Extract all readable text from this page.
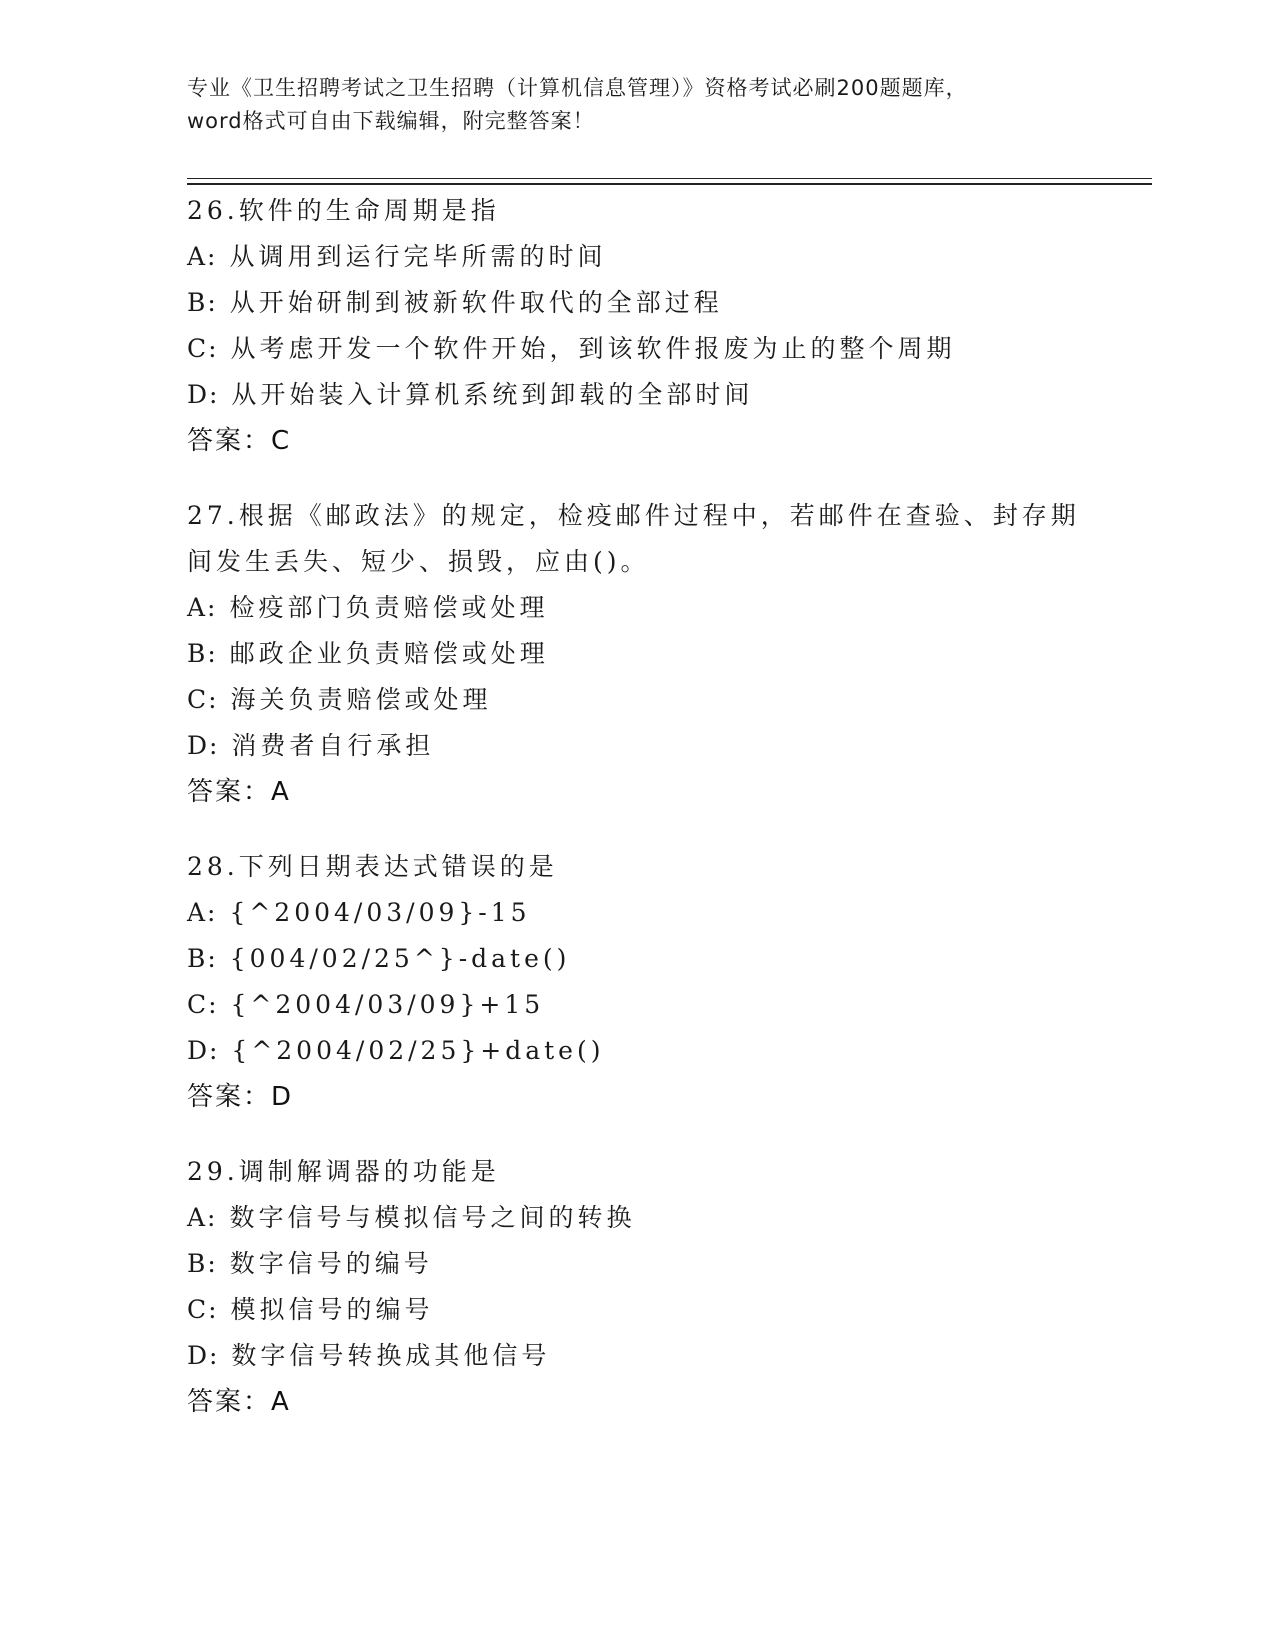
专业《卫生招聘考试之卫生招聘（计算机信息管理）》资格考试必刷200题题库，
word格式可自由下载编辑，附完整答案！
26.软件的生命周期是指
A: 从调用到运行完毕所需的时间
B: 从开始研制到被新软件取代的全部过程
C: 从考虑开发一个软件开始，到该软件报废为止的整个周期
D: 从开始装入计算机系统到卸载的全部时间
答案：C
27.根据《邮政法》的规定，检疫邮件过程中，若邮件在查验、封存期
间发生丢失、短少、损毁，应由()。
A: 检疫部门负责赔偿或处理
B: 邮政企业负责赔偿或处理
C: 海关负责赔偿或处理
D: 消费者自行承担
答案：A
28.下列日期表达式错误的是
A: {^2004/03/09}-15
B: {004/02/25^}-date()
C: {^2004/03/09}+15
D: {^2004/02/25}+date()
答案：D
29.调制解调器的功能是
A: 数字信号与模拟信号之间的转换
B: 数字信号的编号
C: 模拟信号的编号
D: 数字信号转换成其他信号
答案：A
